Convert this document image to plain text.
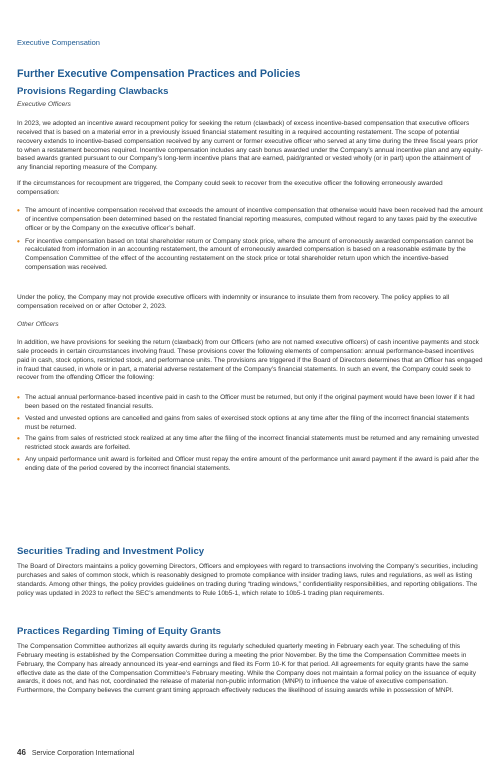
Executive Compensation
Further Executive Compensation Practices and Policies
Provisions Regarding Clawbacks
Executive Officers

In 2023, we adopted an incentive award recoupment policy for seeking the return (clawback) of excess incentive-based compensation that executive officers received that is based on a material error in a previously issued financial statement resulting in a required accounting restatement. The scope of potential recovery extends to incentive-based compensation received by any current or former executive officer who served at any time during the three fiscal years prior to when a restatement becomes required. Incentive compensation includes any cash bonus awarded under the Company’s annual incentive plan and any equity-based awards granted pursuant to our Company’s long-term incentive plans that are earned, paid/granted or vested wholly (or in part) upon the attainment of any financial reporting measure of the Company.

If the circumstances for recoupment are triggered, the Company could seek to recover from the executive officer the following erroneously awarded compensation:

• The amount of incentive compensation received that exceeds the amount of incentive compensation that otherwise would have been received had the amount of incentive compensation been determined based on the restated financial reporting measures, computed without regard to any taxes paid by the executive officer or by the Company on the executive officer’s behalf.
• For incentive compensation based on total shareholder return or Company stock price, where the amount of erroneously awarded compensation cannot be recalculated from information in an accounting restatement, the amount of erroneously awarded compensation is based on a reasonable estimate by the Compensation Committee of the effect of the accounting restatement on the stock price or total shareholder return upon which the incentive-based compensation was received.

Under the policy, the Company may not provide executive officers with indemnity or insurance to insulate them from recovery. The policy applies to all compensation received on or after October 2, 2023.

Other Officers

In addition, we have provisions for seeking the return (clawback) from our Officers (who are not named executive officers) of cash incentive payments and stock sale proceeds in certain circumstances involving fraud. These provisions cover the following elements of compensation: annual performance-based incentives paid in cash, stock options, restricted stock, and performance units. The provisions are triggered if the Board of Directors determines that an Officer has engaged in fraud that caused, in whole or in part, a material adverse restatement of the Company’s financial statements. In such an event, the Company could seek to recover from the offending Officer the following:

• The actual annual performance-based incentive paid in cash to the Officer must be returned, but only if the original payment would have been lower if it had been based on the restated financial results.
• Vested and unvested options are cancelled and gains from sales of exercised stock options at any time after the filing of the incorrect financial statements must be returned.
• The gains from sales of restricted stock realized at any time after the filing of the incorrect financial statements must be returned and any remaining unvested restricted stock awards are forfeited.
• Any unpaid performance unit award is forfeited and Officer must repay the entire amount of the performance unit award payment if the award is paid after the ending date of the period covered by the incorrect financial statements.
Securities Trading and Investment Policy

The Board of Directors maintains a policy governing Directors, Officers and employees with regard to transactions involving the Company’s securities, including purchases and sales of common stock, which is reasonably designed to promote compliance with insider trading laws, rules and regulations, as well as listing standards. Among other things, the policy provides guidelines on trading during “trading windows,” confidentiality responsibilities, and reporting obligations. The policy was updated in 2023 to reflect the SEC’s amendments to Rule 10b5-1, which relate to 10b5-1 trading plan requirements.

Practices Regarding Timing of Equity Grants

The Compensation Committee authorizes all equity awards during its regularly scheduled quarterly meeting in February each year. The scheduling of this February meeting is established by the Compensation Committee during a meeting the prior November. By the time the Compensation Committee meets in February, the Company has already announced its year-end earnings and filed its Form 10-K for that period. All agreements for equity grants have the same effective date as the date of the Compensation Committee’s February meeting. While the Company does not maintain a formal policy on the issuance of equity awards, it does not, and has not, coordinated the release of material non-public information (MNPI) to influence the value of executive compensation. Furthermore, the Company believes the current grant timing approach effectively reduces the likelihood of issuing awards while in possession of MNPI.

46 Service Corporation International
